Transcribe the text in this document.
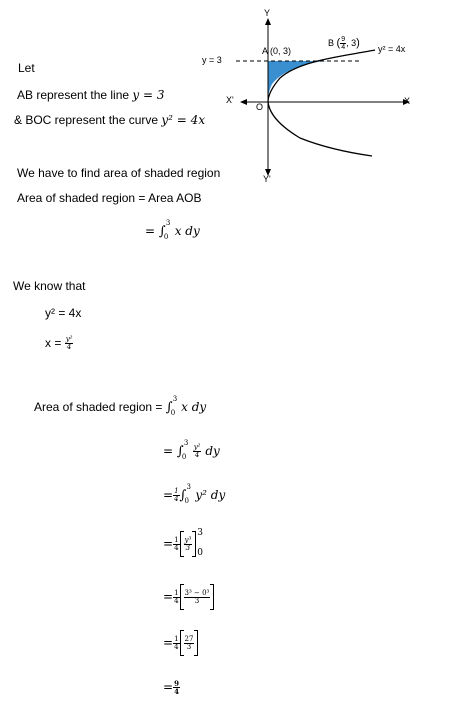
Y
Y'
X
X'
O
y = 3
A (0, 3)
B ( $\frac{9}{4}$ , 3)
y² = 4x
Let
AB represent the line y = 3
& BOC represent the curve y² = 4x
We have to find area of shaded region
Area of shaded region = Area AOB
= ∫
3
0 x dy
We know that
y² = 4x
$x = \frac{\text{y²}}{4}$
Area of shaded region = ∫
3
0 x dy
= ∫
3
0
$\frac{\text{y²}}{4}$ dy
= $\frac{1}{4}$ ∫
3
0 y² dy
= $\frac{1}{4} \frac{\text{y³}}{3}$
3
0
= $\frac{1}{4} \frac{\text{3³ − 0³}}{3}$
= $\frac{1}{4} \frac{27}{3}$
= $\frac{9}{4}$
